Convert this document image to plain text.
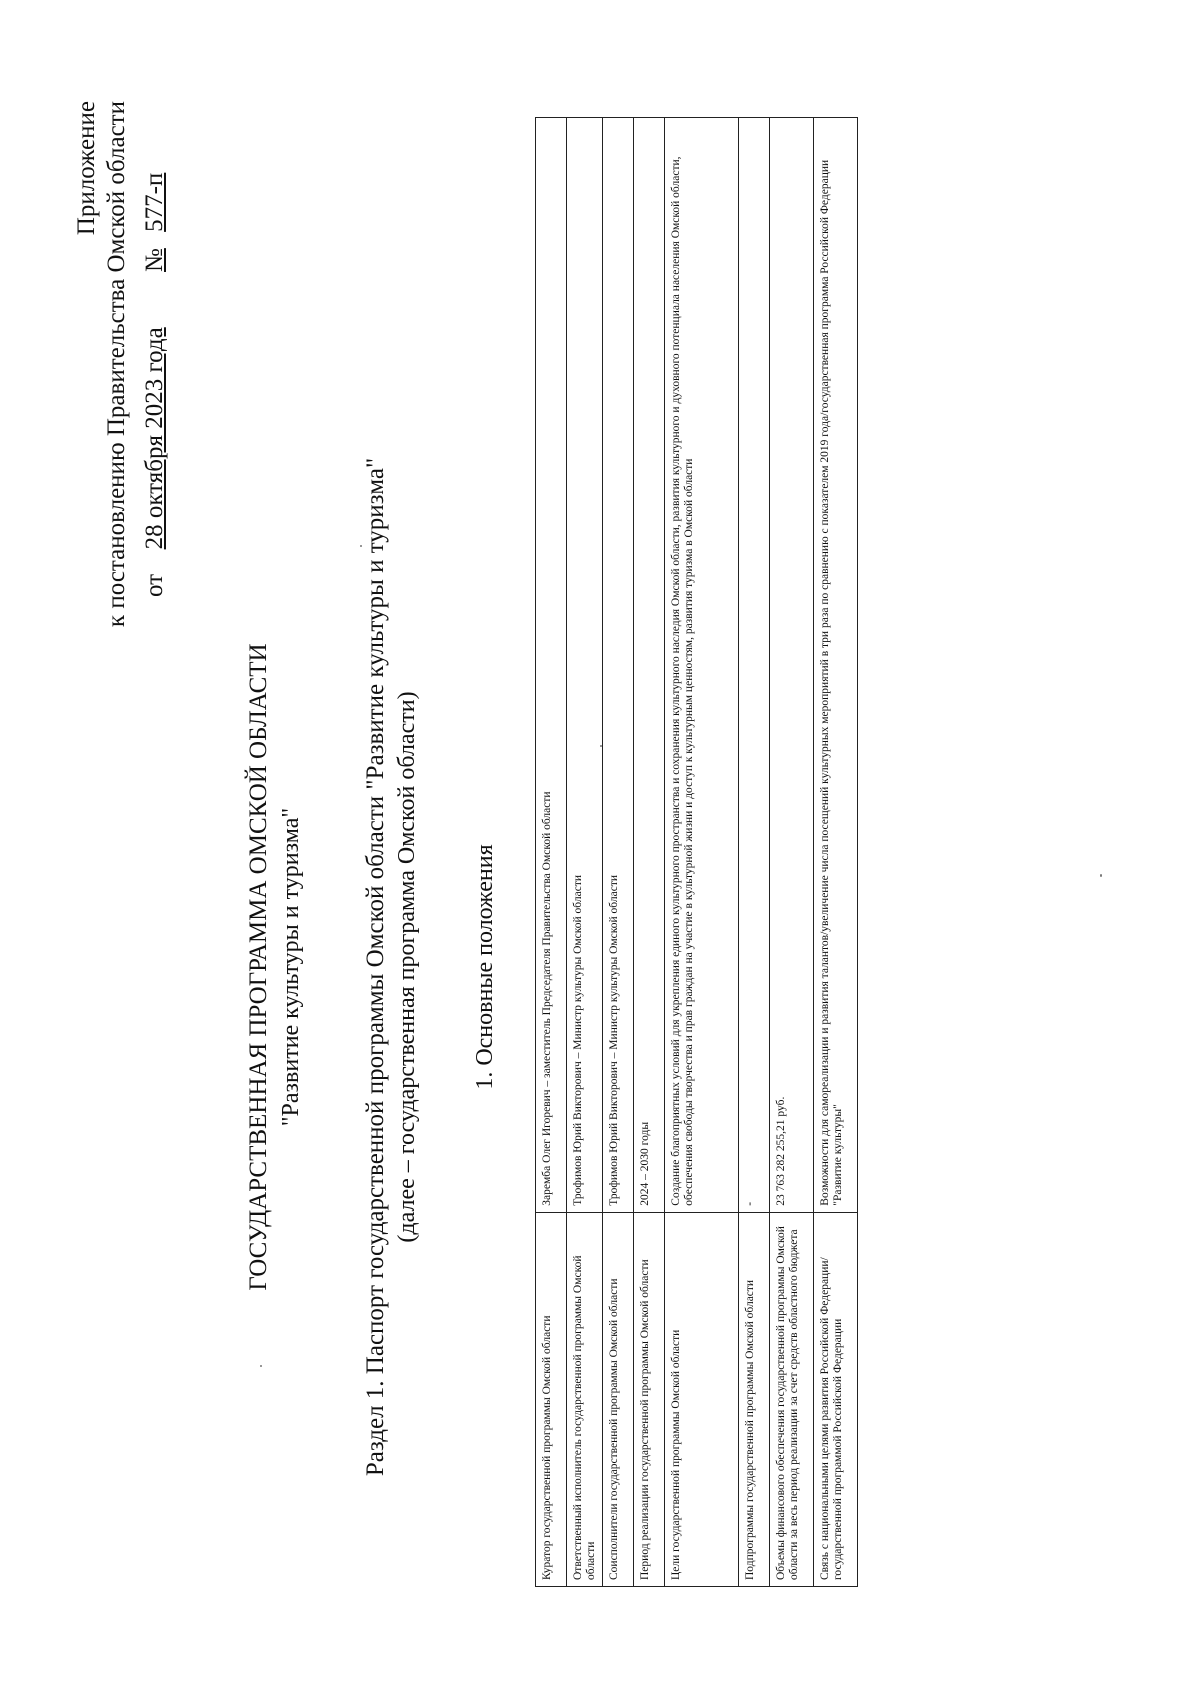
Приложение к постановлению Правительства Омской области от  28 октября 2023 года
№ 577-п
ГОСУДАРСТВЕННАЯ ПРОГРАММА ОМСКОЙ ОБЛАСТИ "Развитие культуры и туризма" Раздел 1. Паспорт государственной программы Омской области "Развитие культуры и туризма" (далее – государственная программа Омской области) 1. Основные положения
Куратор государственной программы Омской области	Заремба Олег Игоревич – заместитель Председателя Правительства Омской области
Ответственный исполнитель государственной программы Омской области	Трофимов Юрий Викторович – Министр культуры Омской области
Соисполнители государственной программы Омской области	Трофимов Юрий Викторович – Министр культуры Омской области
Период реализации государственной программы Омской области	2024 – 2030 годы
Цели государственной программы Омской области	Создание благоприятных условий для укрепления единого культурного пространства и сохранения культурного наследия Омской области, развития культурного и духовного потенциала населения Омской области, обеспечения свободы творчества и прав граждан на участие в культурной жизни и доступ к культурным ценностям, развития туризма в Омской области
Подпрограммы государственной программы Омской области	-
Объемы финансового обеспечения государственной программы Омской области за весь период реализации за счет средств областного бюджета	23 763 282 255,21 руб.
Связь с национальными целями развития Российской Федерации/ государственной программой Российской Федерации	Возможности для самореализации и развития талантов/увеличение числа посещений культурных мероприятий в три раза по сравнению с показателем 2019 года/государственная программа Российской Федерации "Развитие культуры"
